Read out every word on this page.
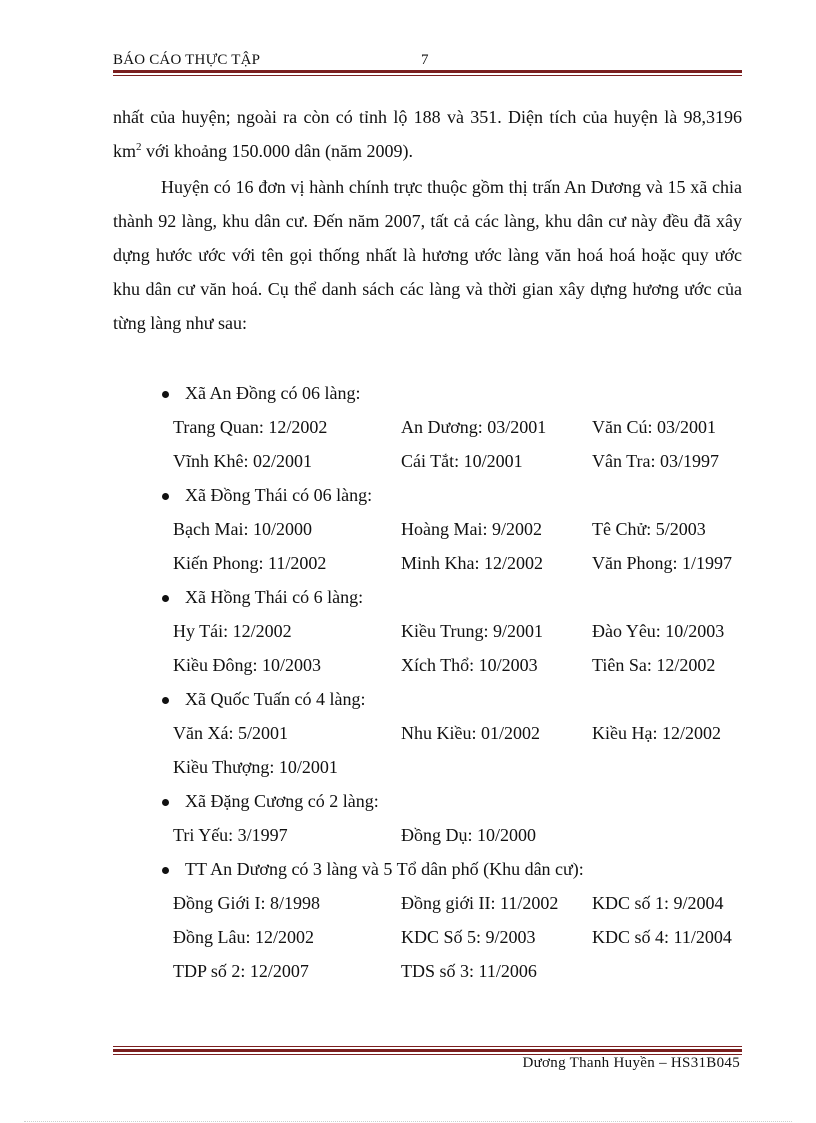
BÁO CÁO THỰC TẬP	7

nhất của huyện; ngoài ra còn có tỉnh lộ 188 và 351. Diện tích của huyện là 98,3196 $km^2$ với khoảng 150.000 dân (năm 2009).

Huyện có 16 đơn vị hành chính trực thuộc gồm thị trấn An Dương và 15 xã chia thành 92 làng, khu dân cư. Đến năm 2007, tất cả các làng, khu dân cư này đều đã xây dựng hước ước với tên gọi thống nhất là hương ước làng văn hoá hoá hoặc quy ước khu dân cư văn hoá. Cụ thể danh sách các làng và thời gian xây dựng hương ước của từng làng như sau:

Xã An Đồng có 06 làng:
Trang Quan: 12/2002	An Dương: 03/2001	Văn Cú: 03/2001
Vĩnh Khê: 02/2001	Cái Tắt: 10/2001	Vân Tra: 03/1997
Xã Đồng Thái có 06 làng:
Bạch Mai: 10/2000	Hoàng Mai: 9/2002	Tê Chử: 5/2003
Kiến Phong: 11/2002	Minh Kha: 12/2002	Văn Phong: 1/1997
Xã Hồng Thái có 6 làng:
Hy Tái: 12/2002	Kiều Trung: 9/2001	Đào Yêu: 10/2003
Kiều Đông: 10/2003	Xích Thổ: 10/2003	Tiên Sa: 12/2002
Xã Quốc Tuấn có 4 làng:
Văn Xá: 5/2001	Nhu Kiều: 01/2002	Kiều Hạ: 12/2002
Kiều Thượng: 10/2001
Xã Đặng Cương có 2 làng:
Tri Yếu: 3/1997	Đồng Dụ: 10/2000
TT An Dương có 3 làng và 5 Tổ dân phố (Khu dân cư):
Đồng Giới I: 8/1998	Đồng giới II: 11/2002 KDC số 1: 9/2004
Đồng Lâu: 12/2002	KDC Số 5: 9/2003	KDC số 4: 11/2004
TDP số 2: 12/2007	TDS số 3: 11/2006
Dương Thanh Huyền – HS31B045
